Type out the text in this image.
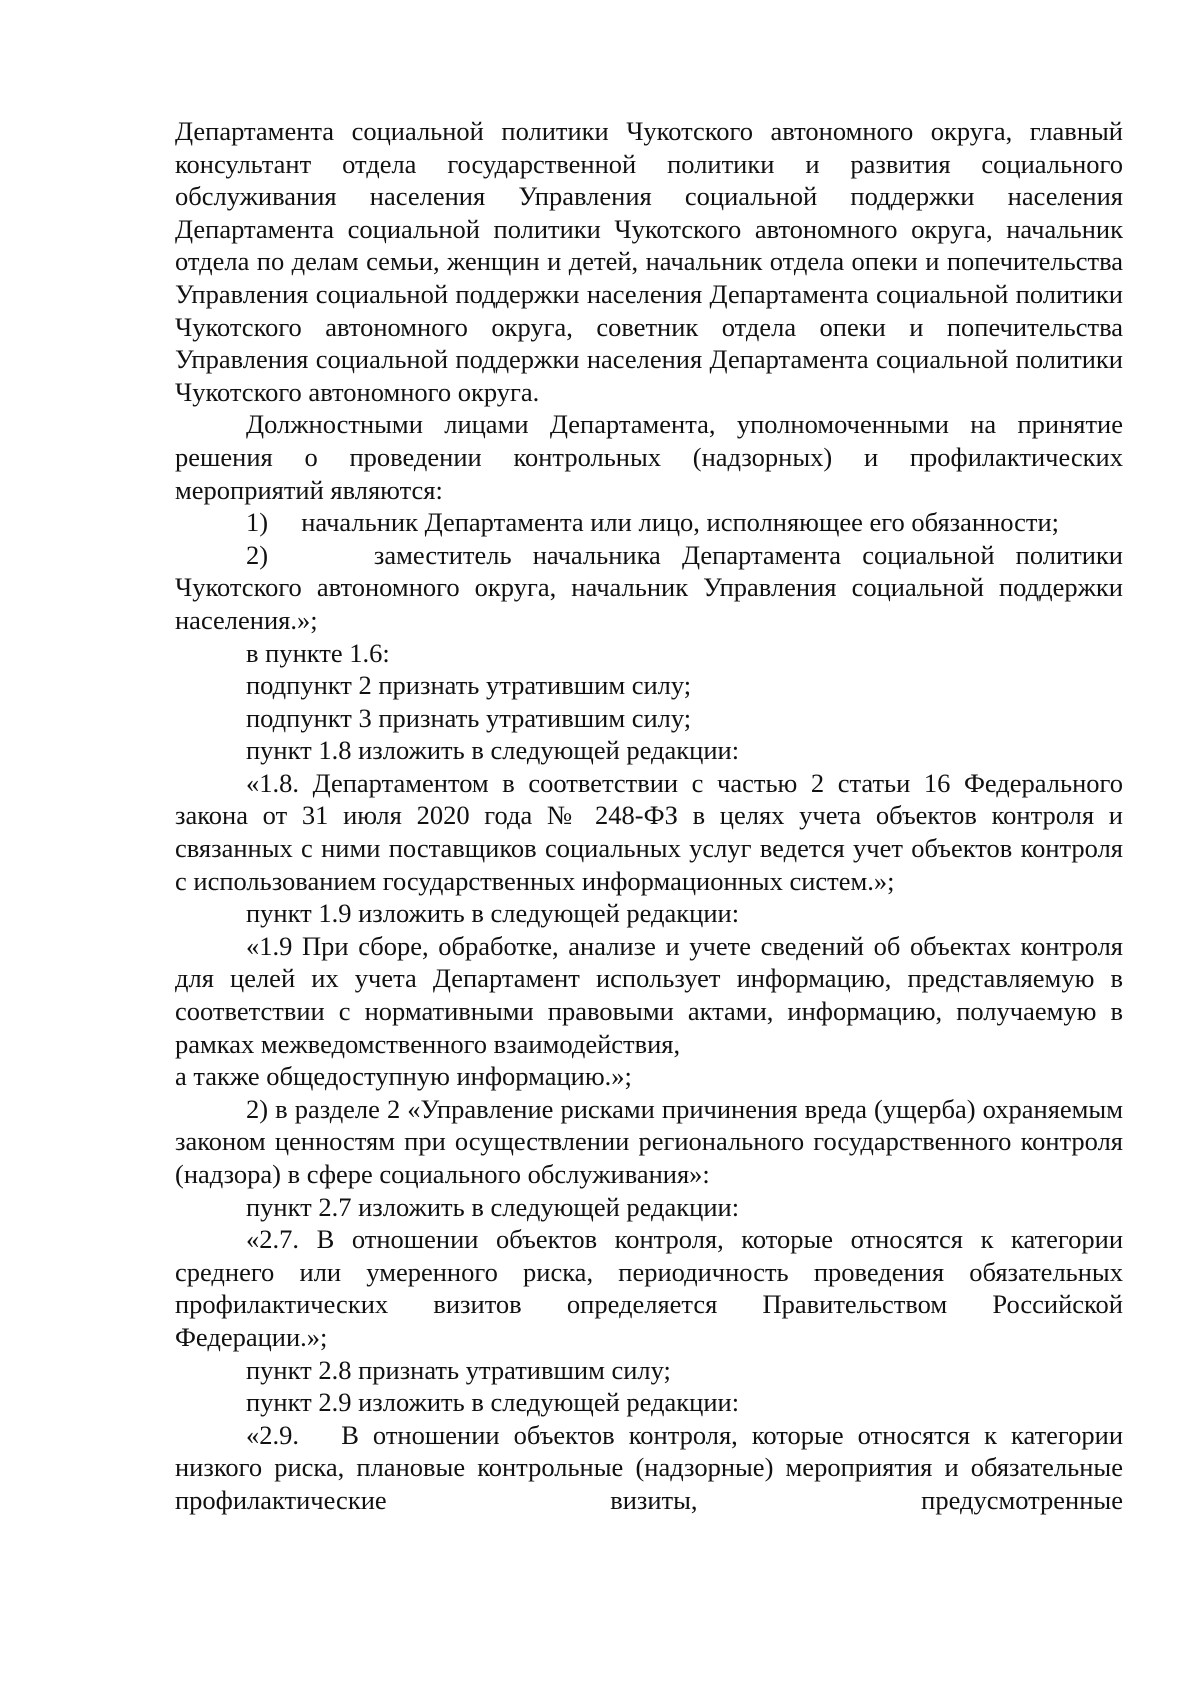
Департамента социальной политики Чукотского автономного округа, главный консультант отдела государственной политики и развития социального обслуживания населения Управления социальной поддержки населения Департамента социальной политики Чукотского автономного округа, начальник отдела по делам семьи, женщин и детей, начальник отдела опеки и попечительства Управления социальной поддержки населения Департамента социальной политики Чукотского автономного округа, советник отдела опеки и попечительства Управления социальной поддержки населения Департамента социальной политики Чукотского автономного округа.

Должностными лицами Департамента, уполномоченными на принятие решения о проведении контрольных (надзорных) и профилактических мероприятий являются:

1)     начальник Департамента или лицо, исполняющее его обязанности;

2)     заместитель начальника Департамента социальной политики Чукотского автономного округа, начальник Управления социальной поддержки населения.»;

в пункте 1.6:

подпункт 2 признать утратившим силу;

подпункт 3 признать утратившим силу;

пункт 1.8 изложить в следующей редакции:

«1.8. Департаментом в соответствии с частью 2 статьи 16 Федерального закона от 31 июля 2020 года № 248-ФЗ в целях учета объектов контроля и связанных с ними поставщиков социальных услуг ведется учет объектов контроля с использованием государственных информационных систем.»;

пункт 1.9 изложить в следующей редакции:

«1.9 При сборе, обработке, анализе и учете сведений об объектах контроля для целей их учета Департамент использует информацию, представляемую в соответствии с нормативными правовыми актами, информацию, получаемую в рамках межведомственного взаимодействия,

а также общедоступную информацию.»;

2) в разделе 2 «Управление рисками причинения вреда (ущерба) охраняемым законом ценностям при осуществлении регионального государственного контроля (надзора) в сфере социального обслуживания»:

пункт 2.7 изложить в следующей редакции:

«2.7. В отношении объектов контроля, которые относятся к категории среднего или умеренного риска, периодичность проведения обязательных профилактических визитов определяется Правительством Российской Федерации.»;

пункт 2.8 признать утратившим силу;

пункт 2.9 изложить в следующей редакции:

«2.9.   В отношении объектов контроля, которые относятся к категории низкого риска, плановые контрольные (надзорные) мероприятия и обязательные профилактические визиты, предусмотренные
